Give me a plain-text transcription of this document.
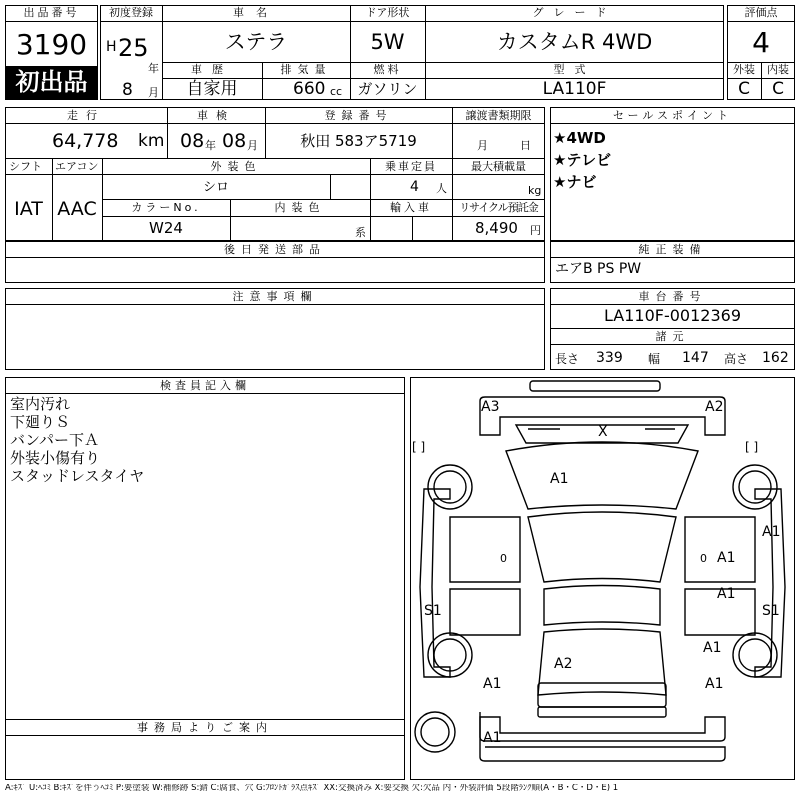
出品番号
3190
初出品
初度登録
H 25
年
8 月
車名
ステラ
ドア形状
5W
グレード
カスタムR 4WD
車歴
自家用
排気量
660 cc
燃料
ガソリン
型式
LA110F
評価点
4
外装	内装
C	C
走行
64,778 km
車検
08 年 08 月
登録番号
秋田 583ア5719
譲渡書類期限
月	日
シフト
IAT
エアコン
AAC
外装色
シロ
乗車定員
4 人
最大積載量
kg
カラーNo.
W24
内装色
系
輸入車	リサイクル預託金
8,490 円
セールスポイント
★4WD
★テレビ
★ナビ
後日発送部品	純正装備
エアB PS PW
注意事項欄	車台番号
LA110F-0012369
諸元
長さ 339 幅 147 高さ 162
検査員記入欄
室内汚れ
下廻りＳ
バンパー下Ａ
外装小傷有り
スタッドレスタイヤ
事務局よりご案内
A3	A2
X
A1
A1
A1
A1
A1
S1	S1
A2
A1	A1
A1
[ ]	[ ]
0	0
A:ｷｽﾞ U:ﾍｺﾐ B:ｷｽﾞを伴うﾍｺﾐ P:要塗装 W:補修跡 S:錆 C:腐食、穴 G:ﾌﾛﾝﾄｶﾞﾗｽ点ｷｽﾞ XX:交換済み X:要交換 欠:欠品 内・外装評価 5段階ﾗﾝｸ順(A・B・C・D・E) 1
